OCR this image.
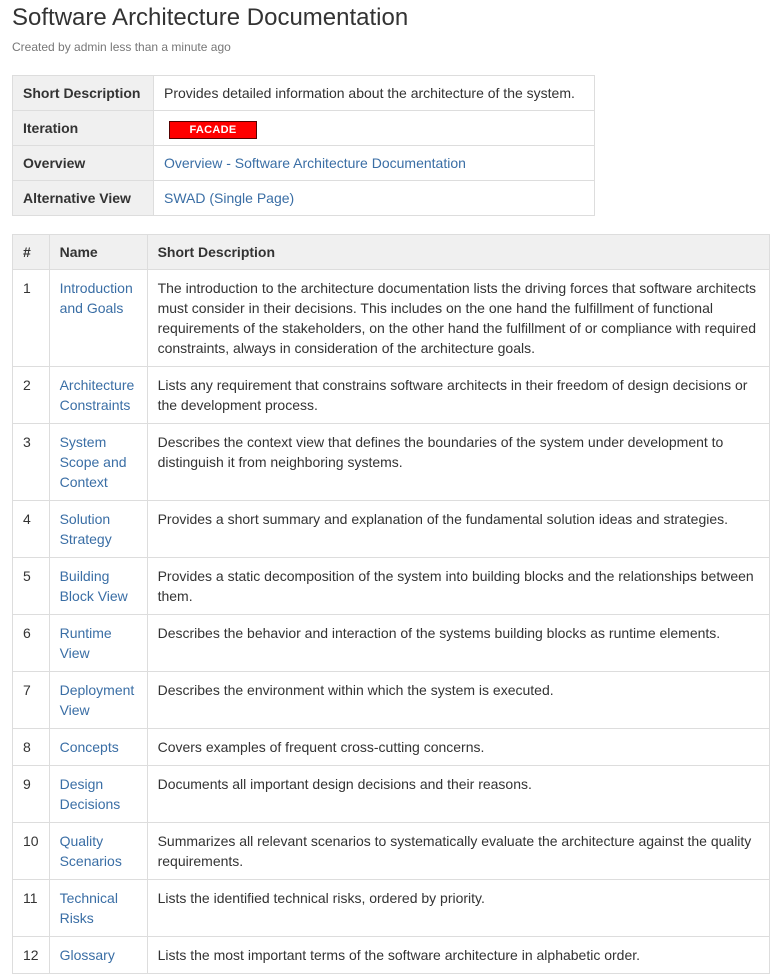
Software Architecture Documentation
Created by admin less than a minute ago
Short Description	Provides detailed information about the architecture of the system.
Iteration	FACADE
Overview	Overview - Software Architecture Documentation
Alternative View	SWAD (Single Page)
#	Name	Short Description
1	Introduction and Goals	The introduction to the architecture documentation lists the driving forces that software architects must consider in their decisions. This includes on the one hand the fulfillment of functional requirements of the stakeholders, on the other hand the fulfillment of or compliance with required constraints, always in consideration of the architecture goals.
2	Architecture Constraints	Lists any requirement that constrains software architects in their freedom of design decisions or the development process.
3	System Scope and Context	Describes the context view that defines the boundaries of the system under development to distinguish it from neighboring systems.
4	Solution Strategy	Provides a short summary and explanation of the fundamental solution ideas and strategies.
5	Building Block View	Provides a static decomposition of the system into building blocks and the relationships between them.
6	Runtime View	Describes the behavior and interaction of the systems building blocks as runtime elements.
7	Deployment View	Describes the environment within which the system is executed.
8	Concepts	Covers examples of frequent cross-cutting concerns.
9	Design Decisions	Documents all important design decisions and their reasons.
10	Quality Scenarios	Summarizes all relevant scenarios to systematically evaluate the architecture against the quality requirements.
11	Technical Risks	Lists the identified technical risks, ordered by priority.
12	Glossary	Lists the most important terms of the software architecture in alphabetic order.
